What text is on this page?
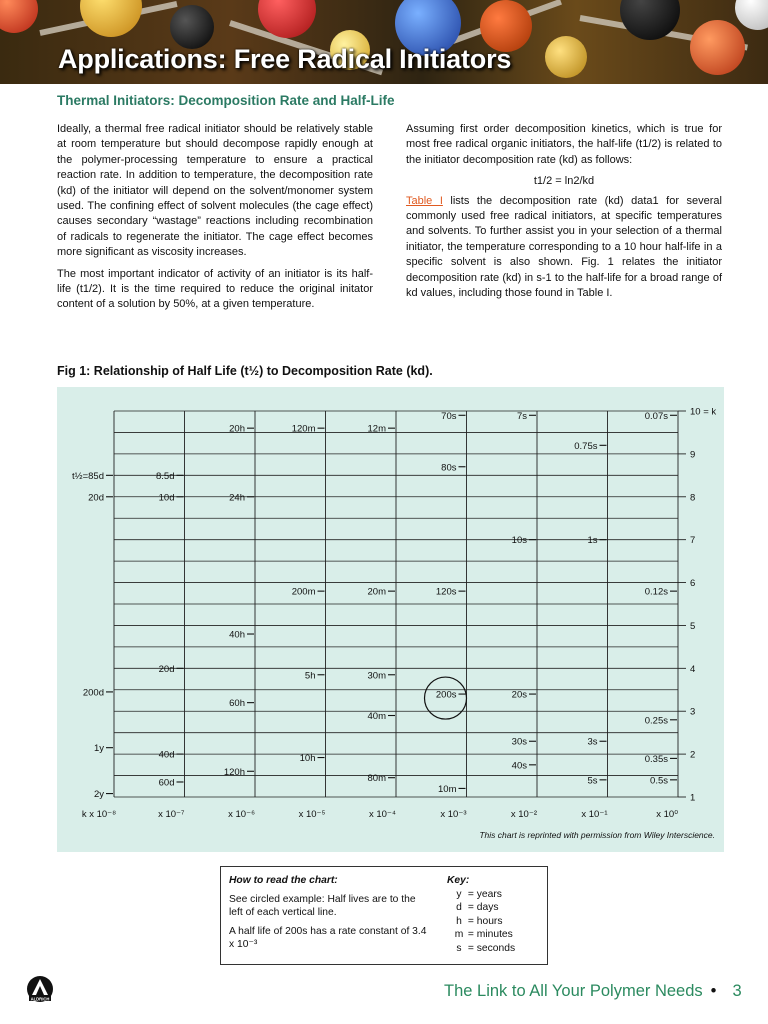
Applications: Free Radical Initiators
Thermal Initiators: Decomposition Rate and Half-Life

Ideally, a thermal free radical initiator should be relatively stable at room temperature but should decompose rapidly enough at the polymer-processing temperature to ensure a practical reaction rate. In addition to temperature, the decomposition rate (kd) of the initiator will depend on the solvent/monomer system used. The confining effect of solvent molecules (the cage effect) causes secondary “wastage” reactions including recombination of radicals to regenerate the initiator. The cage effect becomes more significant as viscosity increases.

The most important indicator of activity of an initiator is its half-life (t1/2). It is the time required to reduce the original initator content of a solution by 50%, at a given temperature.

Assuming first order decomposition kinetics, which is true for most free radical organic initiators, the half-life (t1/2) is related to the initiator decomposition rate (kd) as follows:

t1/2 = ln2/kd

Table I lists the decomposition rate (kd) data1 for several commonly used free radical initiators, at specific temperatures and solvents. To further assist you in your selection of a thermal initiator, the temperature corresponding to a 10 hour half-life in a specific solvent is also shown. Fig. 1 relates the initiator decomposition rate (kd) in s-1 to the half-life for a broad range of kd values, including those found in Table I.

Fig 1: Relationship of Half Life (t½) to Decomposition Rate (kd).
1
2
3
4
5
6
7
8
9
10 = k
k x 10⁻⁸	x 10⁻⁷	x 10⁻⁶	x 10⁻⁵	x 10⁻⁴	x 10⁻³	x 10⁻²	x 10⁻¹	x 10⁰
t½=85d
20d
200d
1y
2y
8.5d
10d
20d
40d
60d
20h
24h
40h
60h
120h
120m
200m
5h
10h
12m
20m
30m
40m
80m
70s
80s
120s
200s
10m
7s
10s
20s
30s
40s
0.75s
1s
3s
5s
0.07s
0.12s
0.25s
0.35s
0.5s
This chart is reprinted with permission from Wiley Interscience.
How to read the chart:
See circled example: Half lives are to the left of each vertical line.
A half life of 200s has a rate constant of 3.4 x 10⁻³
Key:
y = years
d = days
h = hours
m = minutes
s = seconds
ALDRICH	The Link to All Your Polymer Needs • 3
